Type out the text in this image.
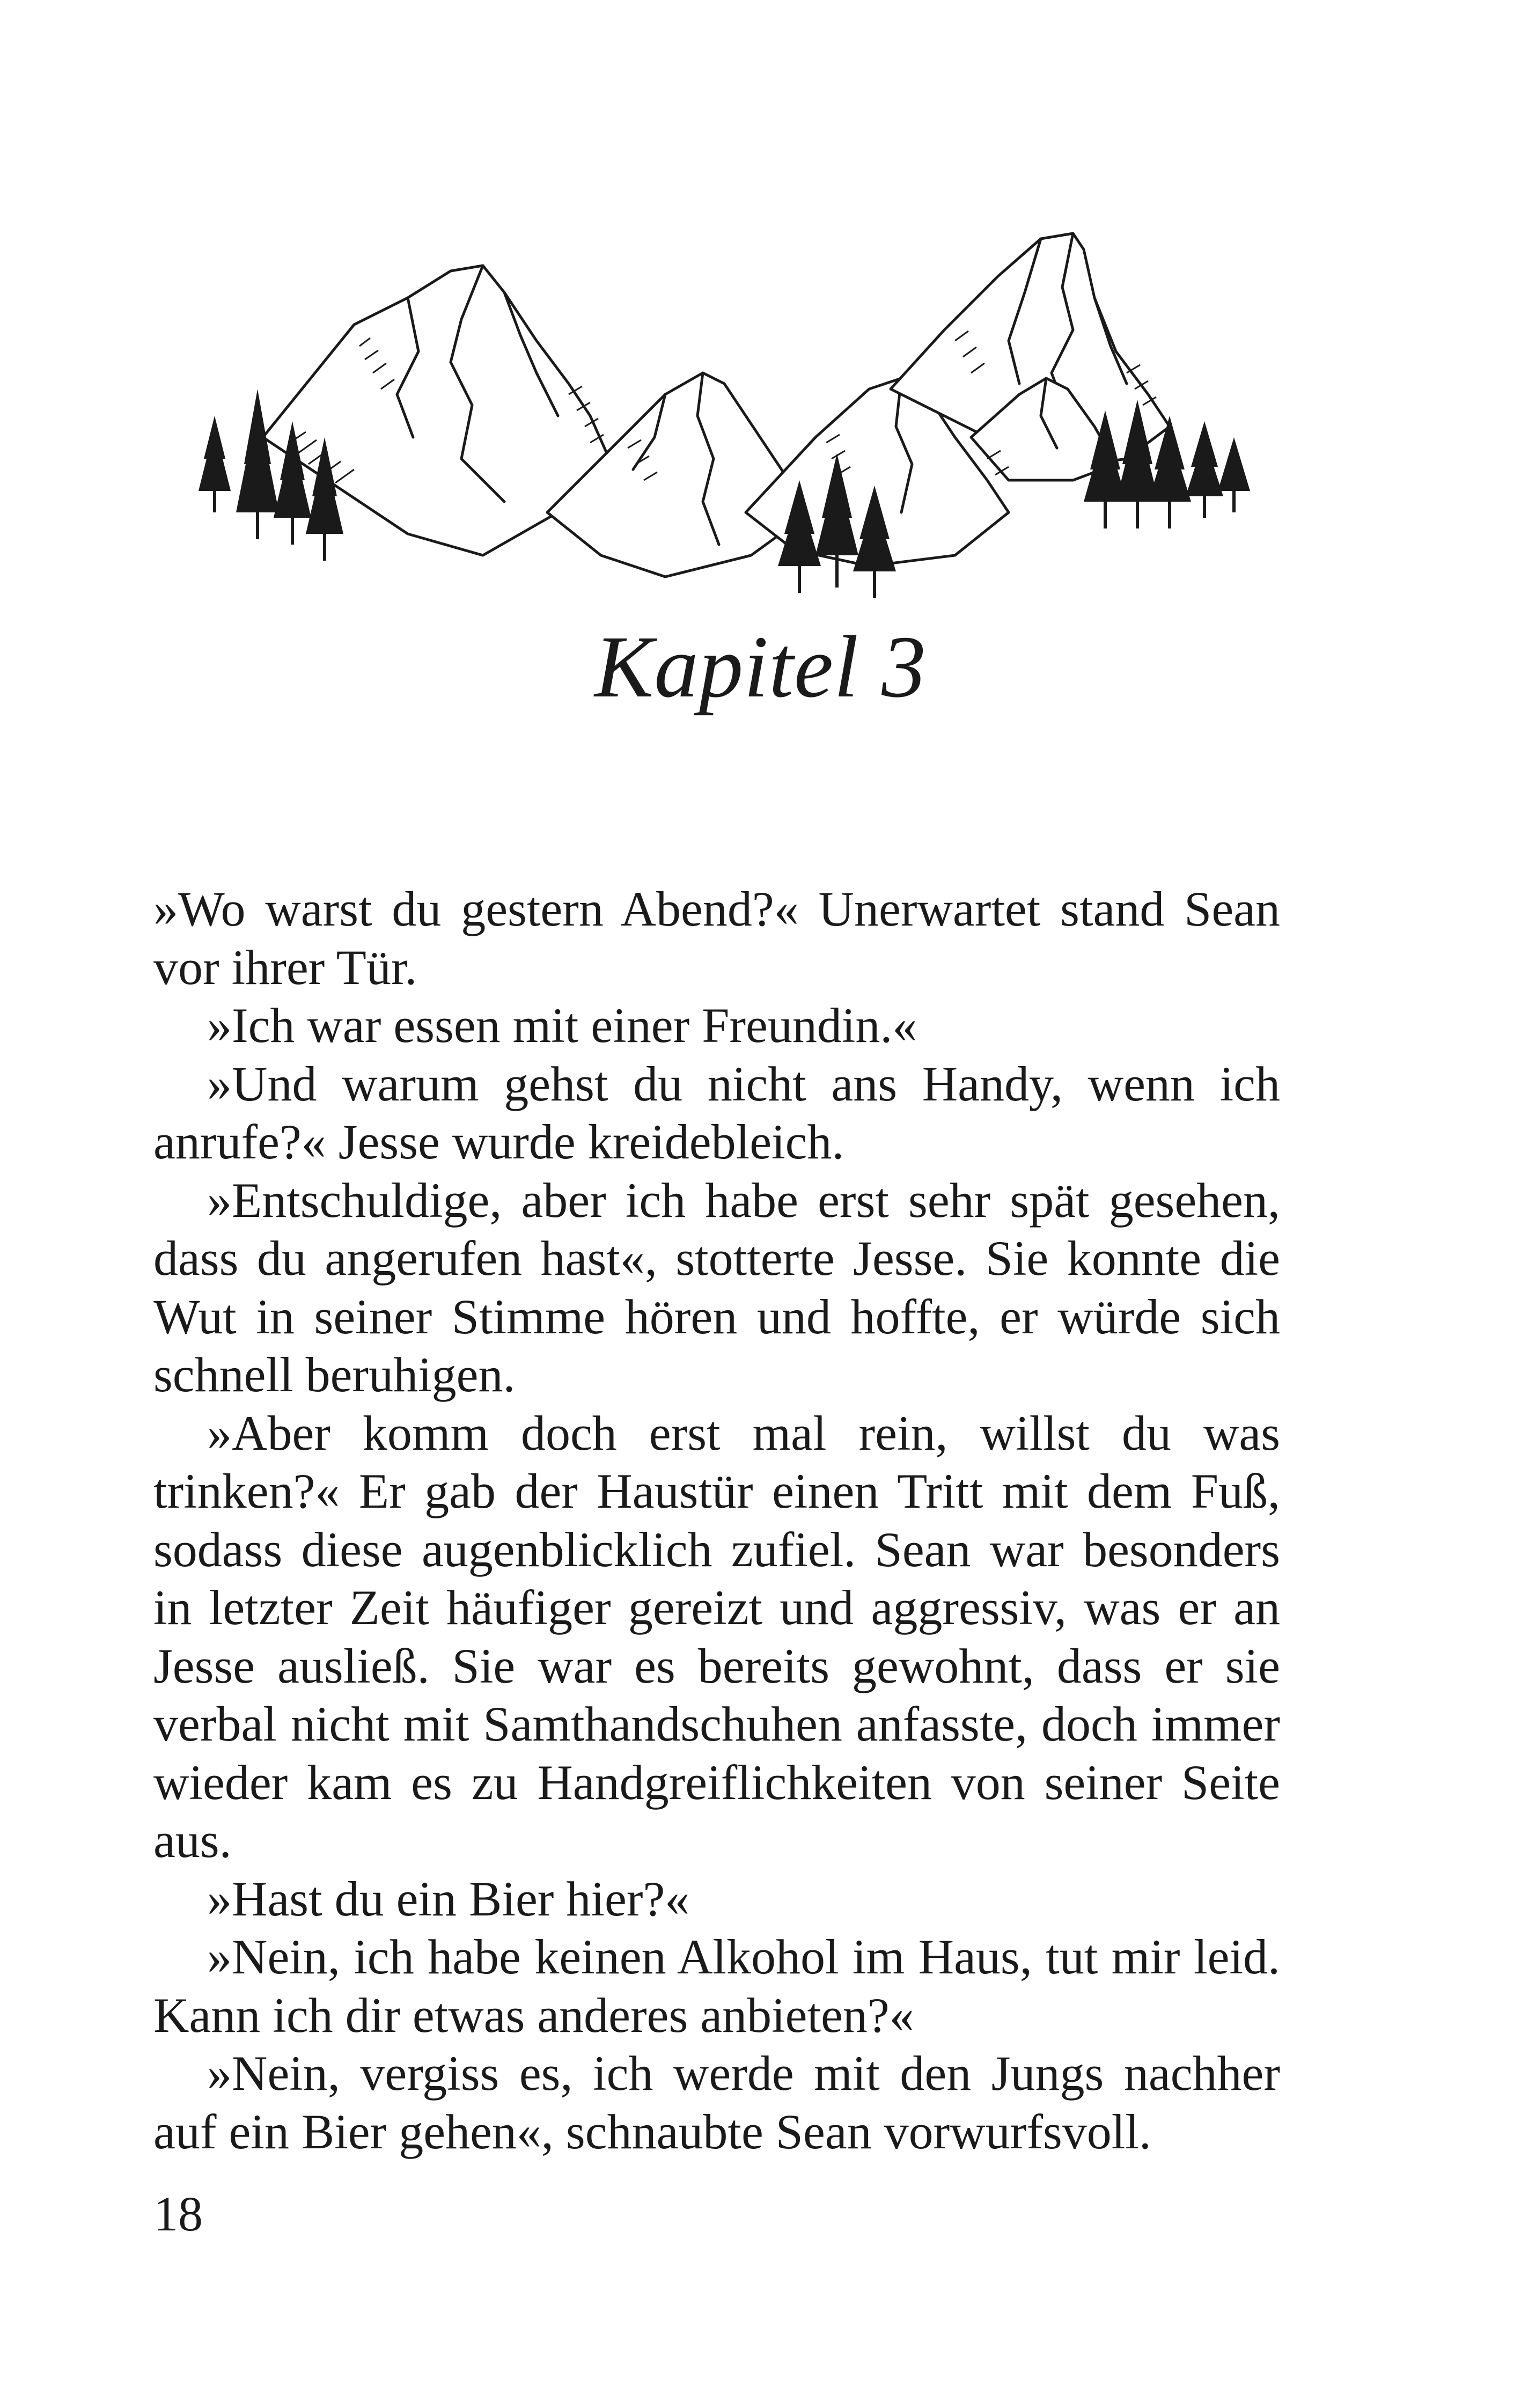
Kapitel 3

»Wo warst du gestern Abend?« Unerwartet stand Sean vor ihrer Tür.

»Ich war essen mit einer Freundin.«

»Und warum gehst du nicht ans Handy, wenn ich anrufe?« Jesse wurde kreidebleich.

»Entschuldige, aber ich habe erst sehr spät gesehen, dass du angerufen hast«, stotterte Jesse. Sie konnte die Wut in seiner Stimme hören und hoffte, er würde sich schnell beruhigen.

»Aber komm doch erst mal rein, willst du was trinken?« Er gab der Haustür einen Tritt mit dem Fuß, sodass diese augenblicklich zufiel. Sean war besonders in letzter Zeit häufiger gereizt und aggressiv, was er an Jesse ausließ. Sie war es bereits gewohnt, dass er sie verbal nicht mit Samthandschuhen anfasste, doch immer wieder kam es zu Handgreiflichkeiten von seiner Seite aus.

»Hast du ein Bier hier?«

»Nein, ich habe keinen Alkohol im Haus, tut mir leid. Kann ich dir etwas anderes anbieten?«

»Nein, vergiss es, ich werde mit den Jungs nachher auf ein Bier gehen«, schnaubte Sean vorwurfsvoll.

18
